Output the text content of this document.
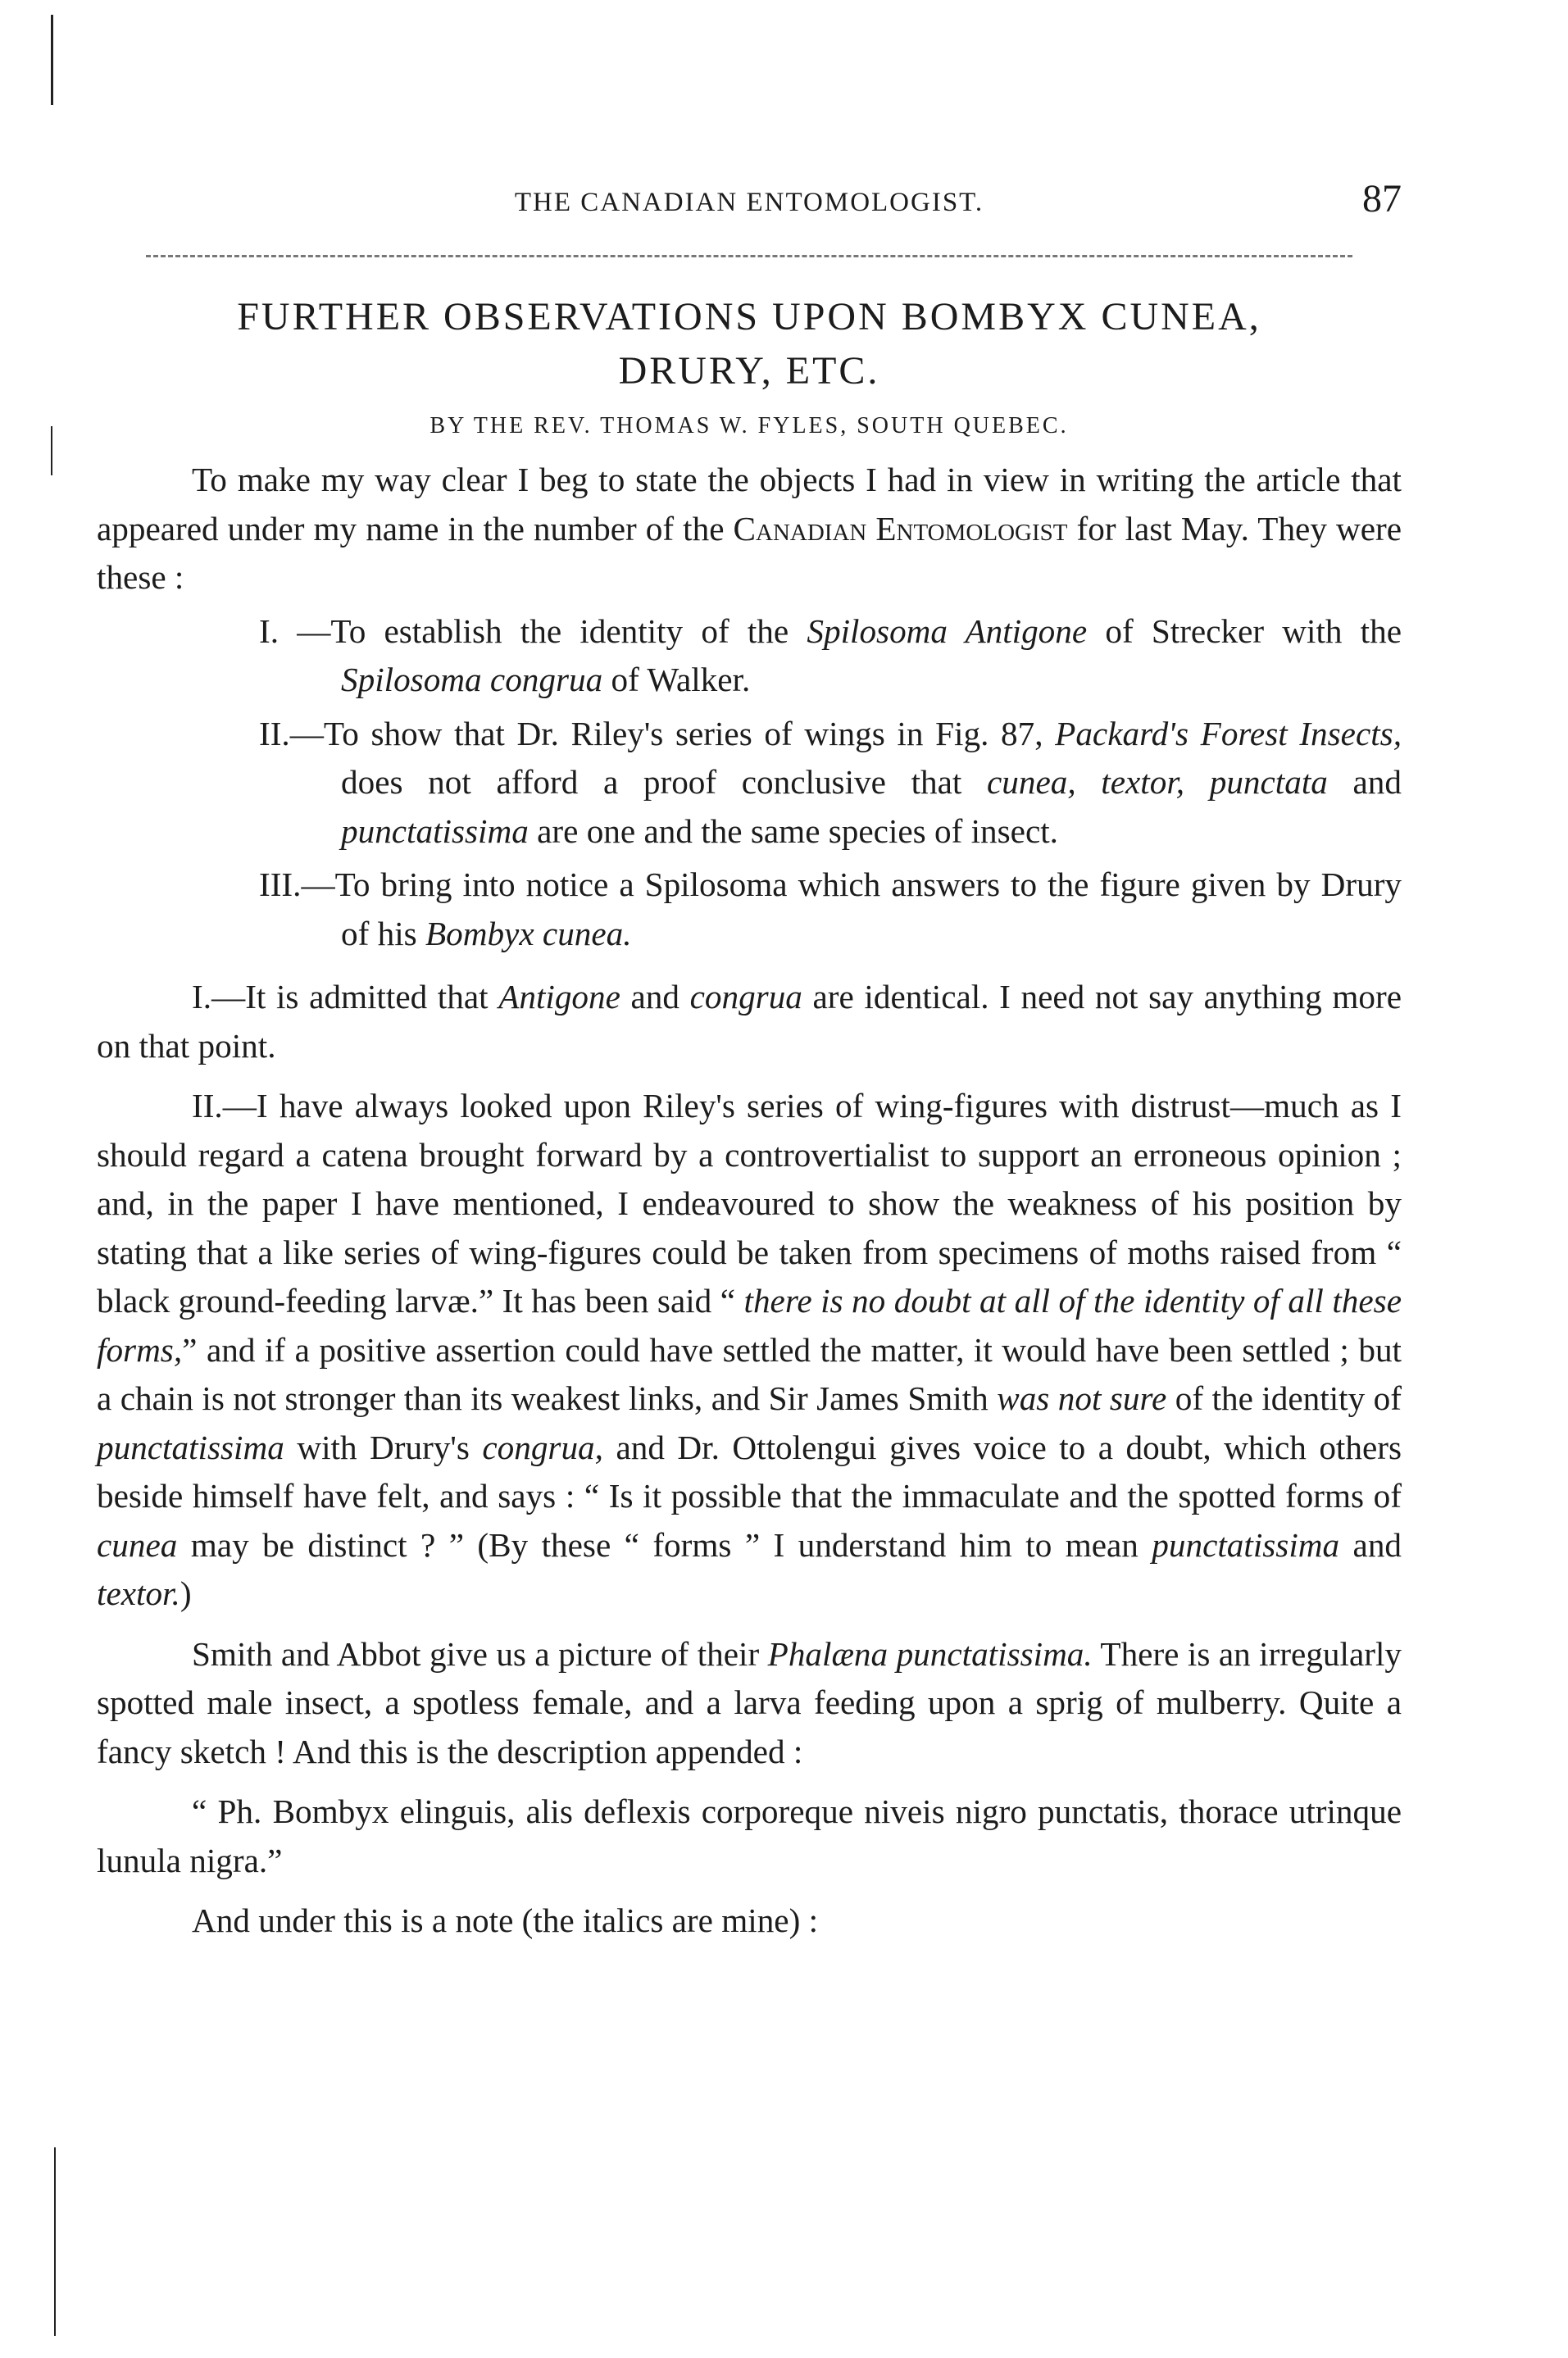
THE CANADIAN ENTOMOLOGIST.	87
FURTHER OBSERVATIONS UPON BOMBYX CUNEA,
DRURY, ETC.
BY THE REV. THOMAS W. FYLES, SOUTH QUEBEC.

To make my way clear I beg to state the objects I had in view in writing the article that appeared under my name in the number of the Canadian Entomologist for last May. They were these :

I. —To establish the identity of the Spilosoma Antigone of Strecker with the Spilosoma congrua of Walker.

II.—To show that Dr. Riley's series of wings in Fig. 87, Packard's Forest Insects, does not afford a proof conclusive that cunea, textor, punctata and punctatissima are one and the same species of insect.

III.—To bring into notice a Spilosoma which answers to the figure given by Drury of his Bombyx cunea.

I.—It is admitted that Antigone and congrua are identical. I need not say anything more on that point.

II.—I have always looked upon Riley's series of wing-figures with distrust—much as I should regard a catena brought forward by a controvertialist to support an erroneous opinion ; and, in the paper I have mentioned, I endeavoured to show the weakness of his position by stating that a like series of wing-figures could be taken from specimens of moths raised from “ black ground-feeding larvæ.” It has been said “ there is no doubt at all of the identity of all these forms,” and if a positive assertion could have settled the matter, it would have been settled ; but a chain is not stronger than its weakest links, and Sir James Smith was not sure of the identity of punctatissima with Drury's congrua, and Dr. Ottolengui gives voice to a doubt, which others beside himself have felt, and says : “ Is it possible that the immaculate and the spotted forms of cunea may be distinct ? ” (By these “ forms ” I understand him to mean punctatissima and textor.)

Smith and Abbot give us a picture of their Phalæna punctatissima. There is an irregularly spotted male insect, a spotless female, and a larva feeding upon a sprig of mulberry. Quite a fancy sketch ! And this is the description appended :

“ Ph. Bombyx elinguis, alis deflexis corporeque niveis nigro punctatis, thorace utrinque lunula nigra.”

And under this is a note (the italics are mine) :
